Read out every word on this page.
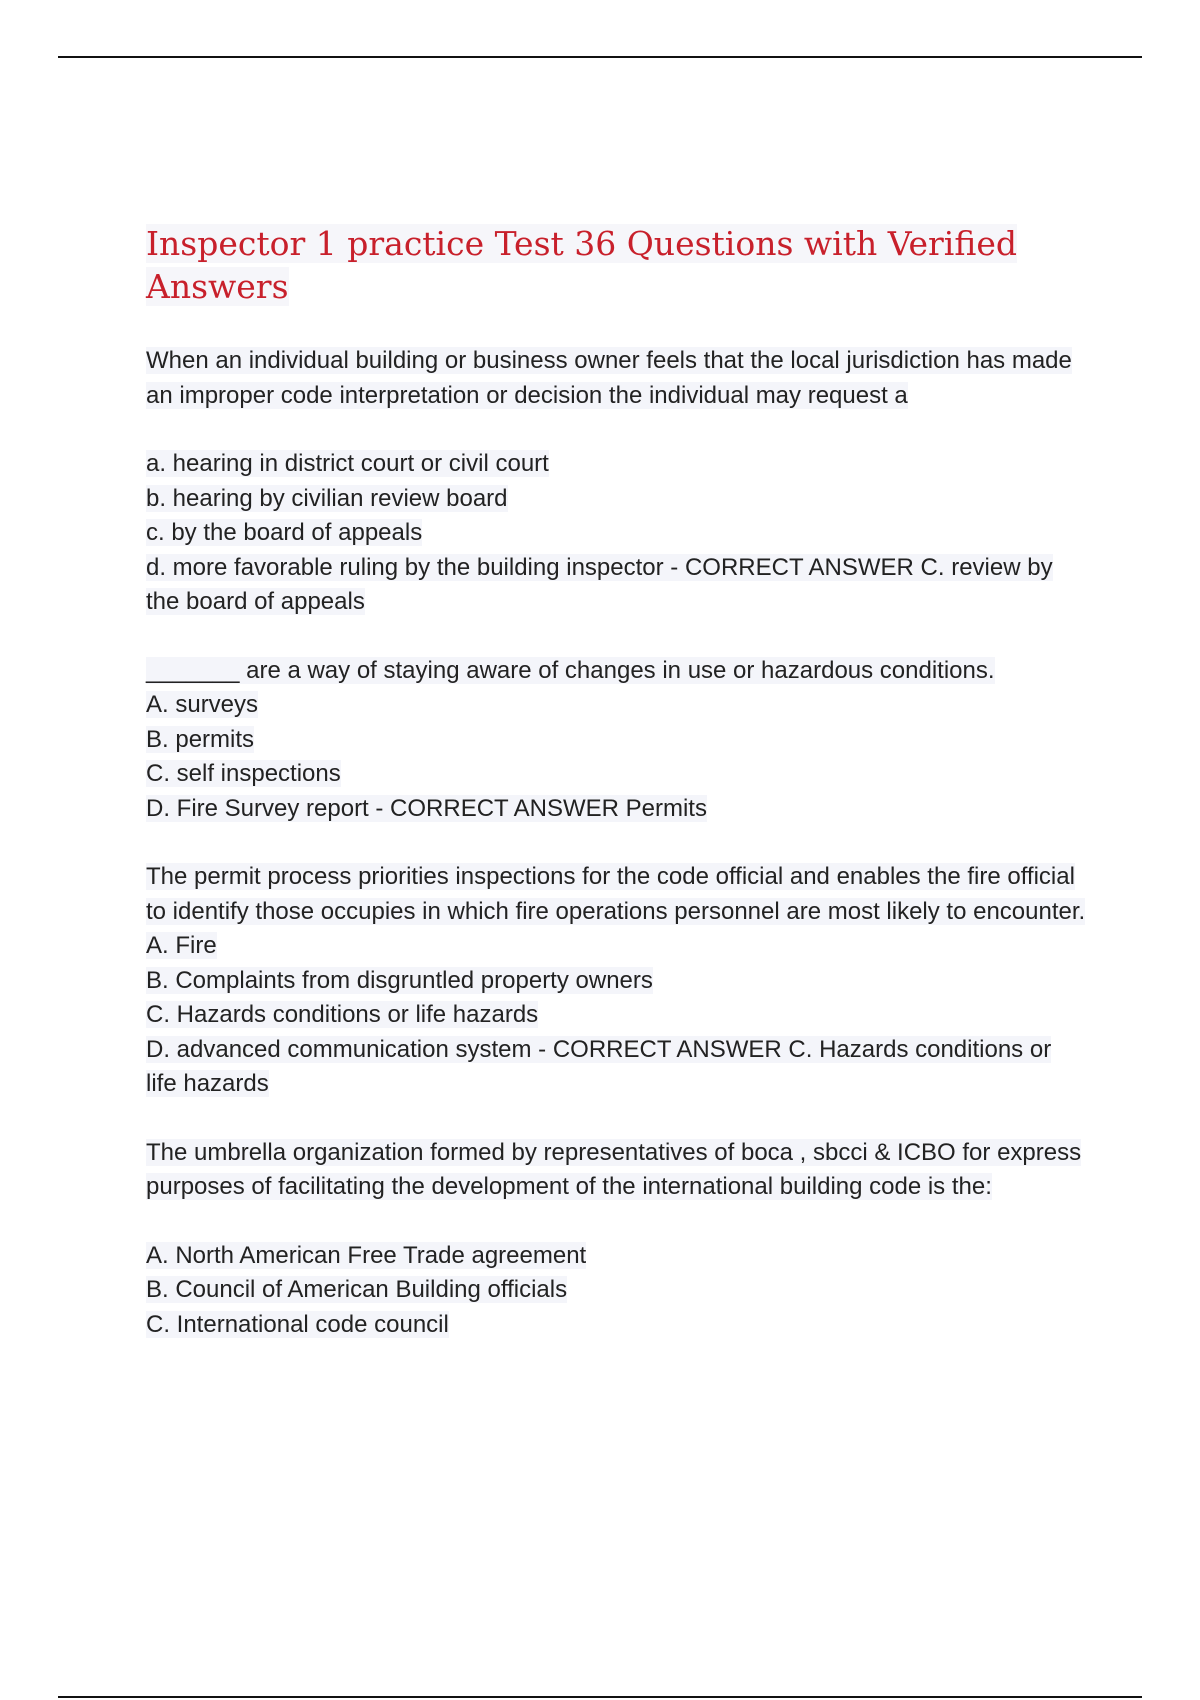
Inspector 1 practice Test 36 Questions with Verified
Answers
When an individual building or business owner feels that the local jurisdiction has made an improper code interpretation or decision the individual may request a
a. hearing in district court or civil court
b. hearing by civilian review board
c. by the board of appeals
d. more favorable ruling by the building inspector - CORRECT ANSWER C. review by the board of appeals
_______ are a way of staying aware of changes in use or hazardous conditions.
A. surveys
B. permits
C. self inspections
D. Fire Survey report - CORRECT ANSWER Permits
The permit process priorities inspections for the code official and enables the fire official to identify those occupies in which fire operations personnel are most likely to encounter.
A. Fire
B. Complaints from disgruntled property owners
C. Hazards conditions or life hazards
D. advanced communication system - CORRECT ANSWER C. Hazards conditions or life hazards
The umbrella organization formed by representatives of boca , sbcci & ICBO for express purposes of facilitating the development of the international building code is the:
A. North American Free Trade agreement
B. Council of American Building officials
C. International code council
